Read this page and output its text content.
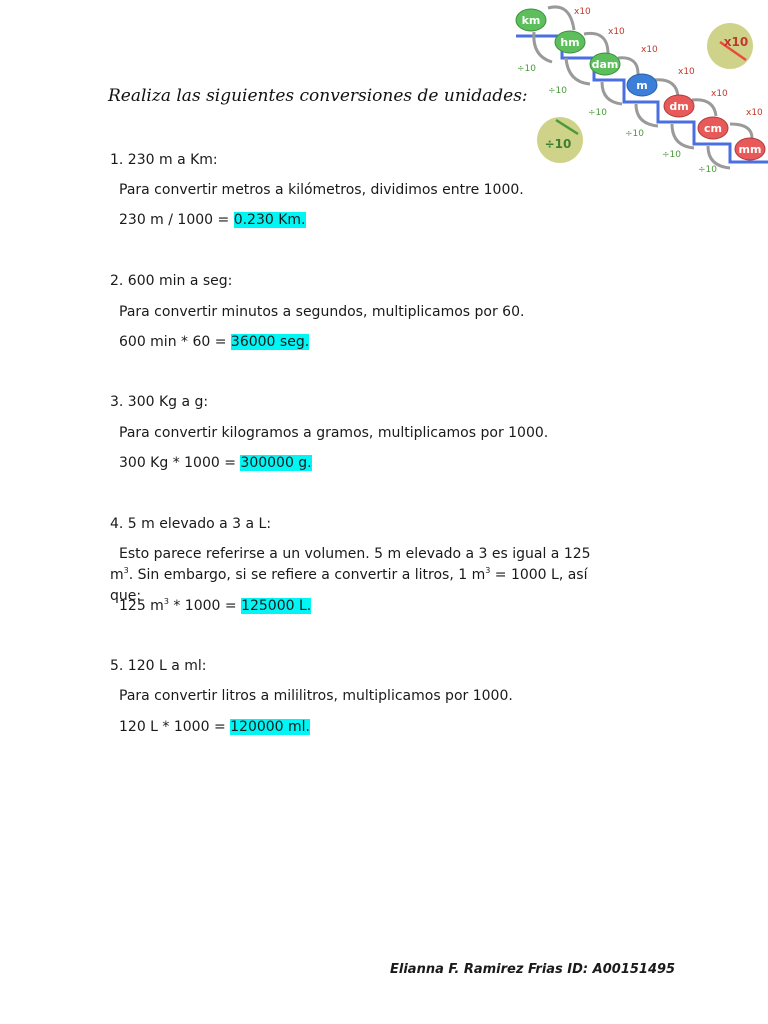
km
hm
dam
m
dm
cm
mm
x10
x10
x10
x10
x10
x10
÷10
÷10
÷10
÷10
÷10
÷10
x10
÷10
Realiza las siguientes conversiones de unidades:

1. 230 m a Km:

Para convertir metros a kilómetros, dividimos entre 1000.

230 m / 1000 = 0.230 Km.

2. 600 min a seg:

Para convertir minutos a segundos, multiplicamos por 60.

600 min * 60 = 36000 seg.

3. 300 Kg a g:

Para convertir kilogramos a gramos, multiplicamos por 1000.

300 Kg * 1000 = 300000 g.

4. 5 m elevado a 3 a L:

Esto parece referirse a un volumen. 5 m elevado a 3 es igual a 125 $m^3$. Sin embargo, si se refiere a convertir a litros, 1 $m^3 = 1000$ L, así que:

125 $m^3 * 1000 = 125000$ L.

5. 120 L a ml:

Para convertir litros a mililitros, multiplicamos por 1000.

120 L * 1000 = 120000 ml.

Elianna F. Ramirez Frias ID: A00151495
